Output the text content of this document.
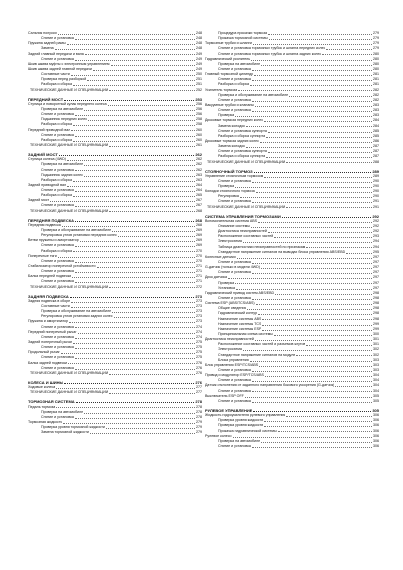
Сальник полуоси	248
Снятие и установка	248
Пружина задней рамы	248
Замена	248
Задний главный передачи и вала	249
Снятие и установка	249
Шкив шкива муфты с электронным управлением	249
Шкив шкива задней главной передачи	249
Составные части	250
Проверка перед разборкой	251
Разборка и сборка	251
ТЕХНИЧЕСКИЕ ДАННЫЕ И СПЕЦИФИКАЦИИ	252
ПЕРЕДНИЙ МОСТ	253
Ступица и поворотный кулак переднего колеса	256
Проверка на автомобиле	256
Снятие и установка	256
Подшипник передних колес	258
Разборка и сборка	258
Передний приводной вал	260
Снятие и установка	260
Разборка и сборка	260
ТЕХНИЧЕСКИЕ ДАННЫЕ И СПЕЦИФИКАЦИИ	261
ЗАДНИЙ МОСТ	262
Ступица колеса (4WD)	262
Проверка на автомобиле	262
Снятие и установка	262
Подшипник задних колес	263
Разборка и сборка	263
Задний приводной вал	264
Снятие и установка	264
Разборка и сборка	265
Задний мост	267
Снятие и установка	267
ТЕХНИЧЕСКИЕ ДАННЫЕ И СПЕЦИФИКАЦИИ	268
ПЕРЕДНЯЯ ПОДВЕСКА	268
Передняя подвеска	268
Проверка и обслуживание на автомобиле	269
Регулировка углов установки передних колес	269
Ветви пружины и амортизатор	269
Снятие и установка	269
Разборка и сборка	270
Поперечные тяги	270
Снятие и установка	270
Стабилизатор поперечной устойчивости	271
Снятие и установка	271
Балка передней подвески	271
Снятие и установка	271
ТЕХНИЧЕСКИЕ ДАННЫЕ И СПЕЦИФИКАЦИИ	272
ЗАДНЯЯ ПОДВЕСКА	273
Задняя подвеска в сборе	273
Составные части	273
Проверка и обслуживание на автомобиле	273
Регулировка углов установки задних колес	273
Пружина и амортизатор	273
Снятие и установка	274
Передний поперечный рычаг	274
Снятие и установка	274
Задний поперечный рычаг	275
Снятие и установка	275
Продольный рычаг	275
Снятие и установка	275
Балка задней подвески	276
Снятие и установка	276
ТЕХНИЧЕСКИЕ ДАННЫЕ И СПЕЦИФИКАЦИИ	276
КОЛЕСА И ШИНЫ	276
Ходовые колеса	277
ТЕХНИЧЕСКИЕ ДАННЫЕ И СПЕЦИФИКАЦИИ	277
ТОРМОЗНАЯ СИСТЕМА	278
Педаль тормоза	278
Проверка на автомобиле	278
Снятие и установка	278
Тормозная жидкость	279
Проверка уровня тормозной жидкости	279
Замена тормозной жидкости	279
Процедура прокачки тормоза	279
Прокачка тормозной системы	279
Тормозные трубки и шланги	279
Снятие и установка тормозных трубок и шланга передних колес	279
Снятие и установка тормозных трубок и шланга задних колес	280
Гидравлический усилитель	280
Проверка на автомобиле	280
Снятие и установка	280
Главный тормозной цилиндр	281
Снятие и установка	281
Разборка и сборка	281
Усилитель тормоза	282
Проверка и обслуживание на автомобиле	282
Снятие и установка	282
Вакуумные трубки и клапаны	283
Снятие и установка	283
Проверка	283
Дисковые тормоза передних колес	284
Замена колодок	284
Снятие и установка суппорта	285
Разборка и сборка суппорта	285
Дисковые тормоза задних колес	286
Замена колодок	287
Снятие и установка суппорта	287
Разборка и сборка суппорта	287
ТЕХНИЧЕСКИЕ ДАННЫЕ И СПЕЦИФИКАЦИИ	288
СТОЯНОЧНЫЙ ТОРМОЗ	289
Управление стояночным тормозом	289
Снятие и установка	290
Проверка	290
Колодки стояночного тормоза	290
Регулировка	290
Снятие и установка	291
ТЕХНИЧЕСКИЕ ДАННЫЕ И СПЕЦИФИКАЦИИ	291
СИСТЕМА УПРАВЛЕНИЯ ТОРМОЗАМИ	292
Вспомогательная система ABS	292
Описание системы	292
Диагностика неисправностей	292
Расположение составных частей	293
Электросхема	294
Таблица диагностики неисправностей по признакам	294
Стандартное напряжение сигналов на выводах блока управления ABS/EBD	295
Колесные датчики	297
Снятие и установка	297
G-датчик (только в модели 4WD)	297
Снятие и установка	297
Диск датчика	297
Проверка	297
Установка	297
Гидравлический привод систем ABS/EBD	298
Снятие и установка	298
Система ESP (ABS/TCS/ABS)	298
Общие сведения	298
Гидравлический контур	298
Назначение системы ABS	298
Назначение системы TCS	299
Назначение системы ESP	299
Принципиальная схема системы	300
Диагностика неисправностей	301
Расположение составных частей и разъемов жгутов	301
Электросхема	302
Стандартное напряжение сигналов на модуле	302
Блока управления	303
Блок управления ESP/TCS/ABS	303
Снятие и установка	303
Привод и модулятор ESP/TCS/ABS	304
Снятие и установка	304
Датчик отклонения от заданного направления бокового ускорения (G-датчик)	304
Снятие и установка	304
Выключатель ESP OFF	305
Снятие и установка	305
РУЛЕВОЕ УПРАВЛЕНИЕ	305
Жидкость гидроусилителя рулевого управления	306
Проверка уровня жидкости	306
Проверка уровня жидкости	306
Прокачка гидравлической системы	306
Рулевое колесо	306
Проверка на автомобиле	306
Снятие и установка	306
